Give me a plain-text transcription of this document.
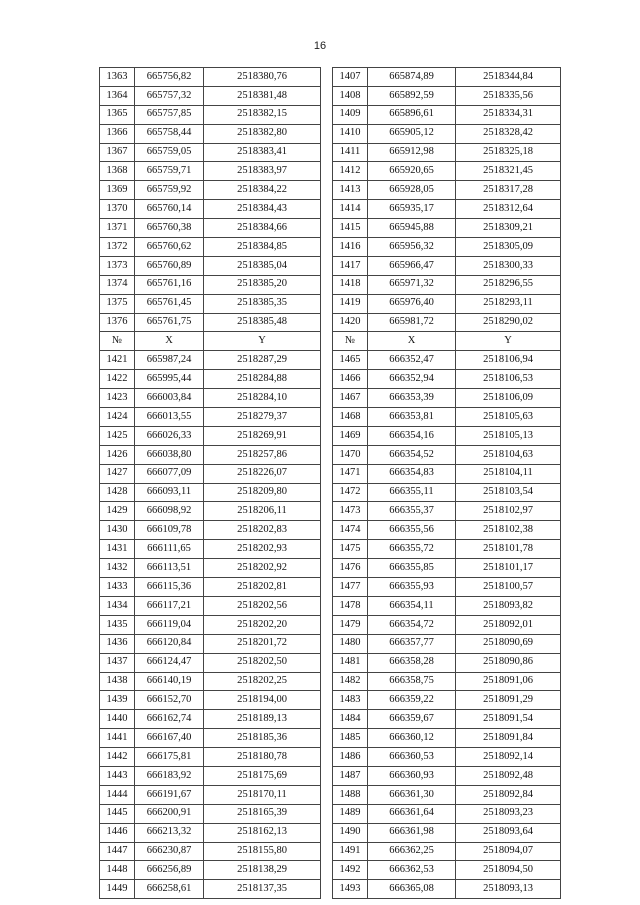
16
1363	665756,82	2518380,76		1407	665874,89	2518344,84
1364	665757,32	2518381,48		1408	665892,59	2518335,56
1365	665757,85	2518382,15		1409	665896,61	2518334,31
1366	665758,44	2518382,80		1410	665905,12	2518328,42
1367	665759,05	2518383,41		1411	665912,98	2518325,18
1368	665759,71	2518383,97		1412	665920,65	2518321,45
1369	665759,92	2518384,22		1413	665928,05	2518317,28
1370	665760,14	2518384,43		1414	665935,17	2518312,64
1371	665760,38	2518384,66		1415	665945,88	2518309,21
1372	665760,62	2518384,85		1416	665956,32	2518305,09
1373	665760,89	2518385,04		1417	665966,47	2518300,33
1374	665761,16	2518385,20		1418	665971,32	2518296,55
1375	665761,45	2518385,35		1419	665976,40	2518293,11
1376	665761,75	2518385,48		1420	665981,72	2518290,02
№	X	Y		№	X	Y
1421	665987,24	2518287,29		1465	666352,47	2518106,94
1422	665995,44	2518284,88		1466	666352,94	2518106,53
1423	666003,84	2518284,10		1467	666353,39	2518106,09
1424	666013,55	2518279,37		1468	666353,81	2518105,63
1425	666026,33	2518269,91		1469	666354,16	2518105,13
1426	666038,80	2518257,86		1470	666354,52	2518104,63
1427	666077,09	2518226,07		1471	666354,83	2518104,11
1428	666093,11	2518209,80		1472	666355,11	2518103,54
1429	666098,92	2518206,11		1473	666355,37	2518102,97
1430	666109,78	2518202,83		1474	666355,56	2518102,38
1431	666111,65	2518202,93		1475	666355,72	2518101,78
1432	666113,51	2518202,92		1476	666355,85	2518101,17
1433	666115,36	2518202,81		1477	666355,93	2518100,57
1434	666117,21	2518202,56		1478	666354,11	2518093,82
1435	666119,04	2518202,20		1479	666354,72	2518092,01
1436	666120,84	2518201,72		1480	666357,77	2518090,69
1437	666124,47	2518202,50		1481	666358,28	2518090,86
1438	666140,19	2518202,25		1482	666358,75	2518091,06
1439	666152,70	2518194,00		1483	666359,22	2518091,29
1440	666162,74	2518189,13		1484	666359,67	2518091,54
1441	666167,40	2518185,36		1485	666360,12	2518091,84
1442	666175,81	2518180,78		1486	666360,53	2518092,14
1443	666183,92	2518175,69		1487	666360,93	2518092,48
1444	666191,67	2518170,11		1488	666361,30	2518092,84
1445	666200,91	2518165,39		1489	666361,64	2518093,23
1446	666213,32	2518162,13		1490	666361,98	2518093,64
1447	666230,87	2518155,80		1491	666362,25	2518094,07
1448	666256,89	2518138,29		1492	666362,53	2518094,50
1449	666258,61	2518137,35		1493	666365,08	2518093,13
